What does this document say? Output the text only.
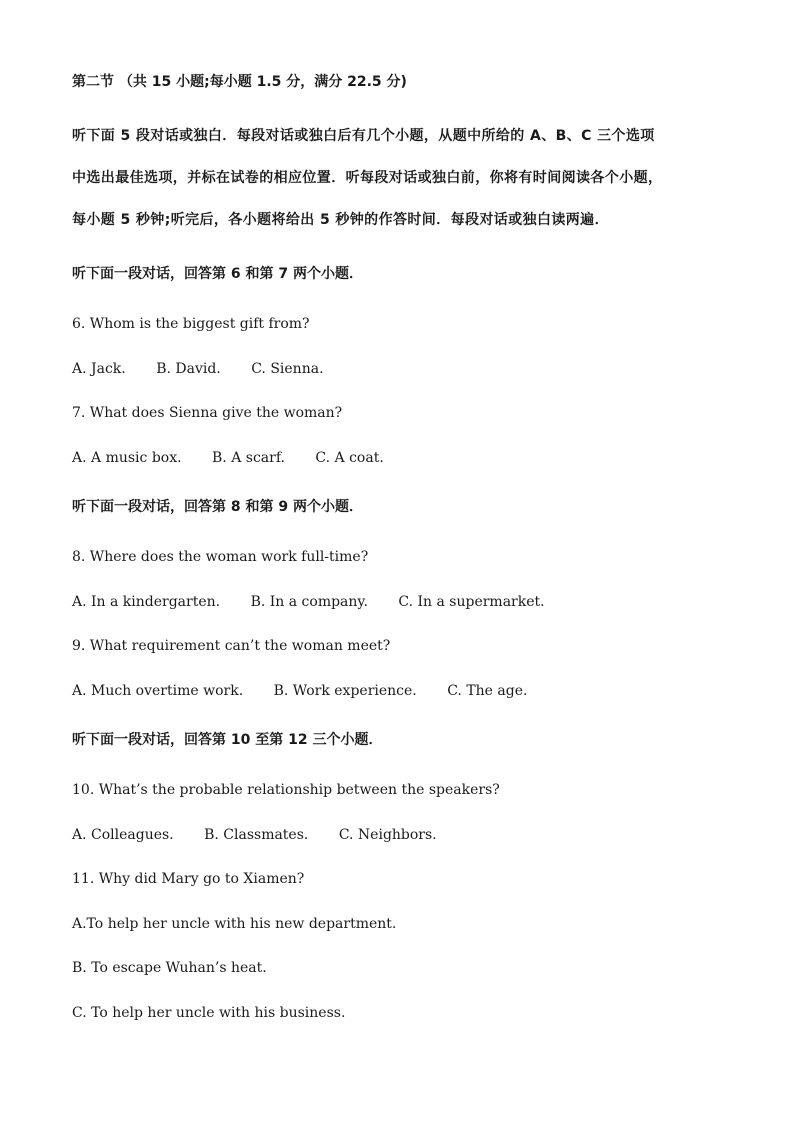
第二节 （共 15 小题;每小题 1.5 分，满分 22.5 分)
听下面 5 段对话或独白．每段对话或独白后有几个小题，从题中所给的 A、B、C 三个选项
中选出最佳选项，并标在试卷的相应位置．听每段对话或独白前，你将有时间阅读各个小题，
每小题 5 秒钟;听完后，各小题将给出 5 秒钟的作答时间．每段对话或独白读两遍．
听下面一段对话，回答第 6 和第 7 两个小题．
6. Whom is the biggest gift from?
A. Jack. B. David. C. Sienna.
7. What does Sienna give the woman?
A. A music box. B. A scarf. C. A coat.
听下面一段对话，回答第 8 和第 9 两个小题．
8. Where does the woman work full-time?
A. In a kindergarten. B. In a company. C. In a supermarket.
9. What requirement can’t the woman meet?
A. Much overtime work. B. Work experience. C. The age.
听下面一段对话，回答第 10 至第 12 三个小题．
10. What’s the probable relationship between the speakers?
A. Colleagues. B. Classmates. C. Neighbors.
11. Why did Mary go to Xiamen?
A.To help her uncle with his new department.
B. To escape Wuhan’s heat.
C. To help her uncle with his business.
